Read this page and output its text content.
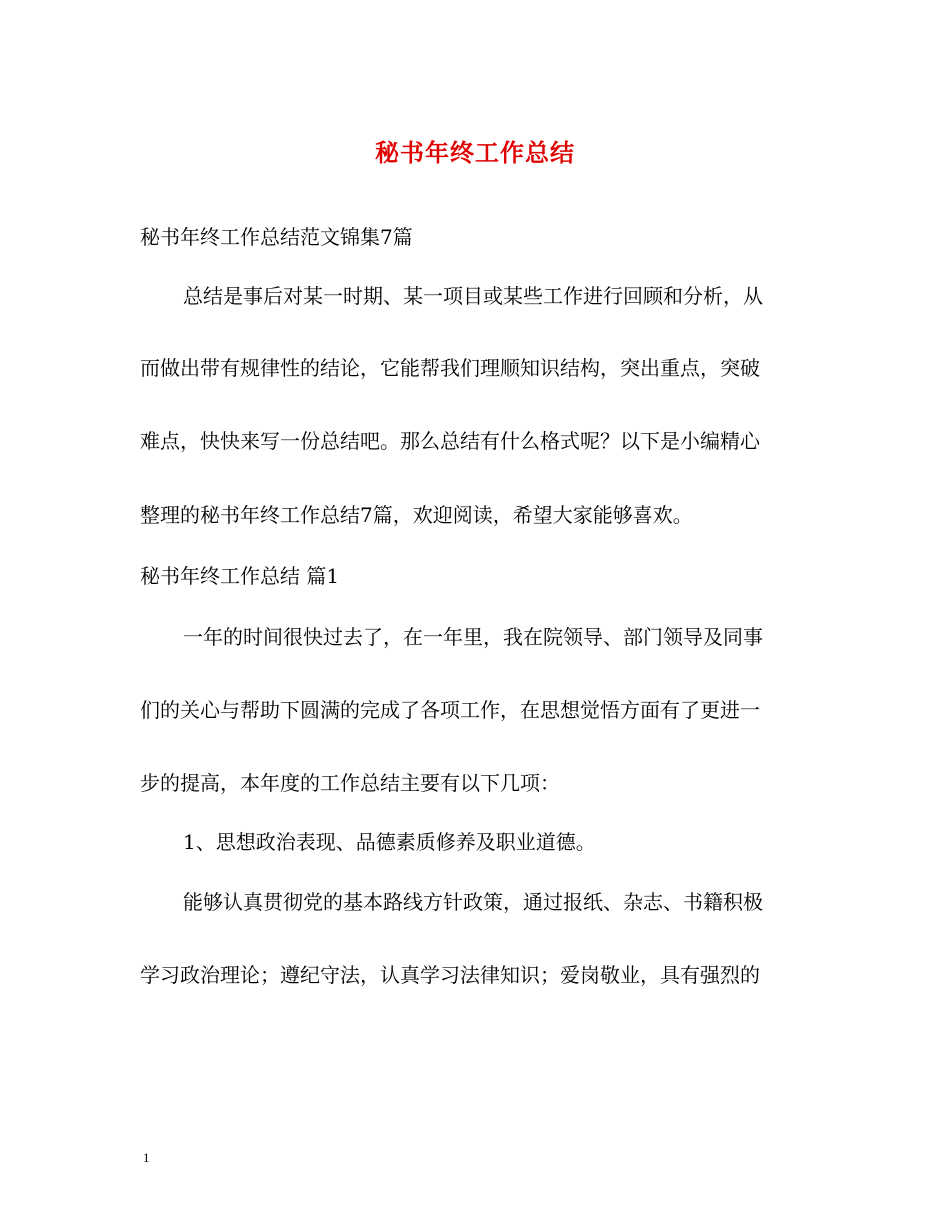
秘书年终工作总结

秘书年终工作总结范文锦集7篇

总结是事后对某一时期、某一项目或某些工作进行回顾和分析，从

而做出带有规律性的结论，它能帮我们理顺知识结构，突出重点，突破

难点，快快来写一份总结吧。那么总结有什么格式呢？以下是小编精心

整理的秘书年终工作总结7篇，欢迎阅读，希望大家能够喜欢。

秘书年终工作总结 篇1

一年的时间很快过去了，在一年里，我在院领导、部门领导及同事

们的关心与帮助下圆满的完成了各项工作，在思想觉悟方面有了更进一

步的提高，本年度的工作总结主要有以下几项：

1、思想政治表现、品德素质修养及职业道德。

能够认真贯彻党的基本路线方针政策，通过报纸、杂志、书籍积极

学习政治理论；遵纪守法，认真学习法律知识；爱岗敬业，具有强烈的

1
